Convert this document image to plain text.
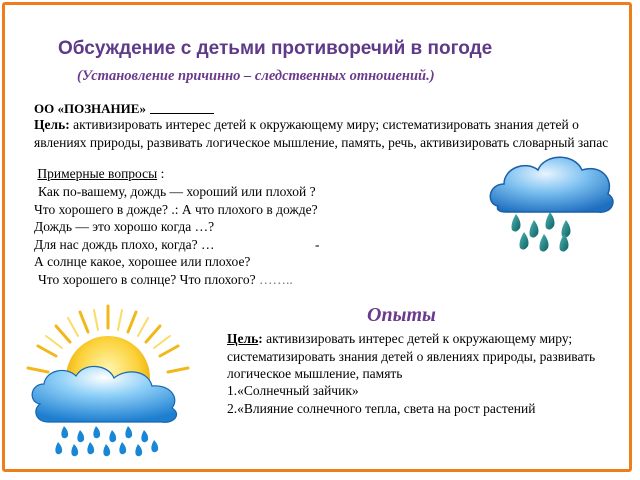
Обсуждение с детьми противоречий в погоде
(Установление причинно – следственных отношений.)
ОО «ПОЗНАНИЕ»
Цель: активизировать интерес детей к окружающему миру; систематизировать знания детей о явлениях природы, развивать логическое мышление, память, речь, активизировать словарный запас
Примерные вопросы :
Как по-вашему, дождь — хороший или плохой ?
Что хорошего в дожде? .: А что плохого в дожде?
Дождь — это хорошо когда …?
Для нас дождь плохо, когда? …	-
А солнце какое, хорошее или плохое?
Что хорошего в солнце? Что плохого? ……..
Опыты
Цель: активизировать интерес детей к окружающему миру; систематизировать знания детей о явлениях природы, развивать логическое мышление, память
1.«Солнечный зайчик»
2.«Влияние солнечного тепла, света на рост растений
